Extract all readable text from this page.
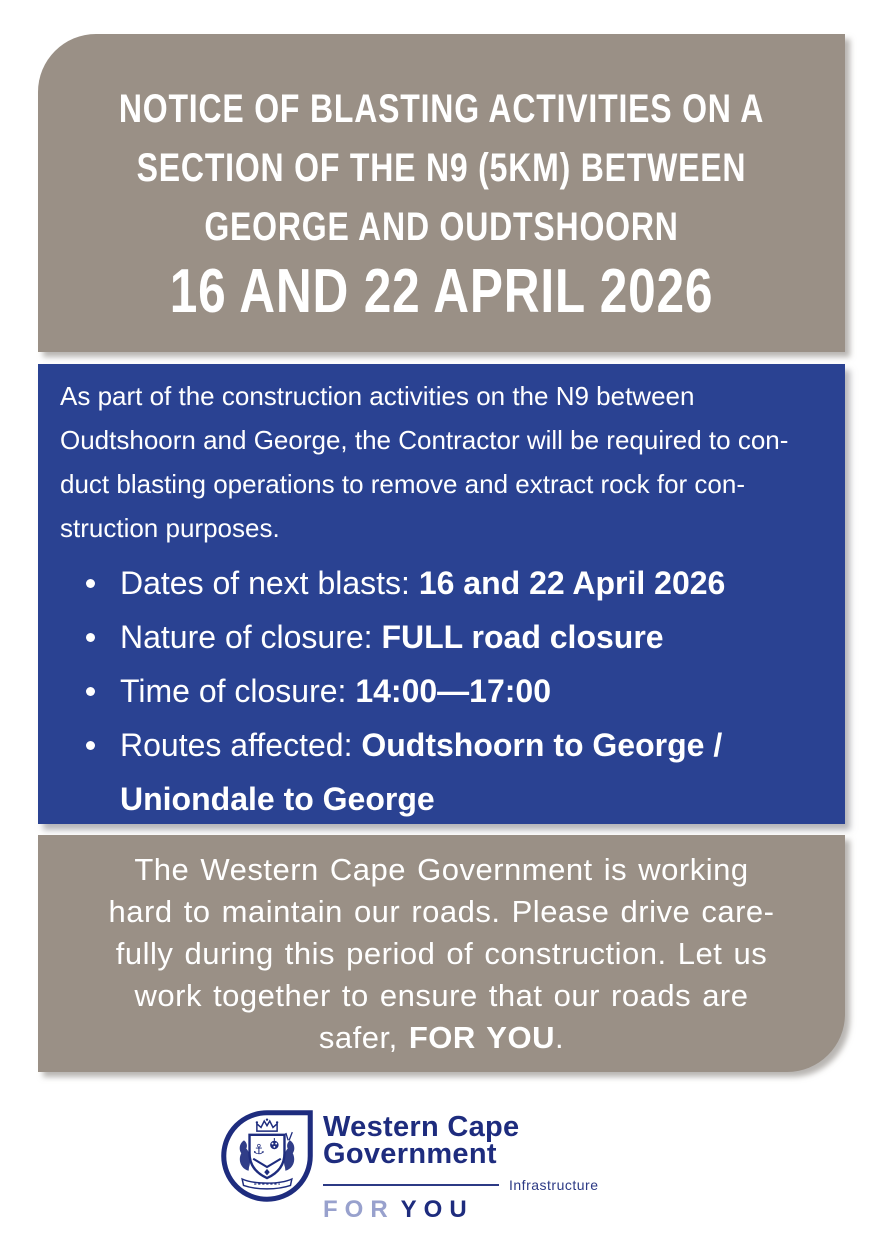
NOTICE OF BLASTING ACTIVITIES ON A
SECTION OF THE N9 (5KM) BETWEEN
GEORGE AND OUDTSHOORN
16 AND 22 APRIL 2026
As part of the construction activities on the N9 between
Oudtshoorn and George, the Contractor will be required to con-
duct blasting operations to remove and extract rock for con-
struction purposes.
Dates of next blasts: 16 and 22 April 2026
Nature of closure: FULL road closure
Time of closure: 14:00—17:00
Routes affected: Oudtshoorn to George / Uniondale to George
The Western Cape Government is working
hard to maintain our roads. Please drive care-
fully during this period of construction. Let us
work together to ensure that our roads are
safer, FOR YOU.
⚓
Western Cape
Government
Infrastructure
FOR YOU
